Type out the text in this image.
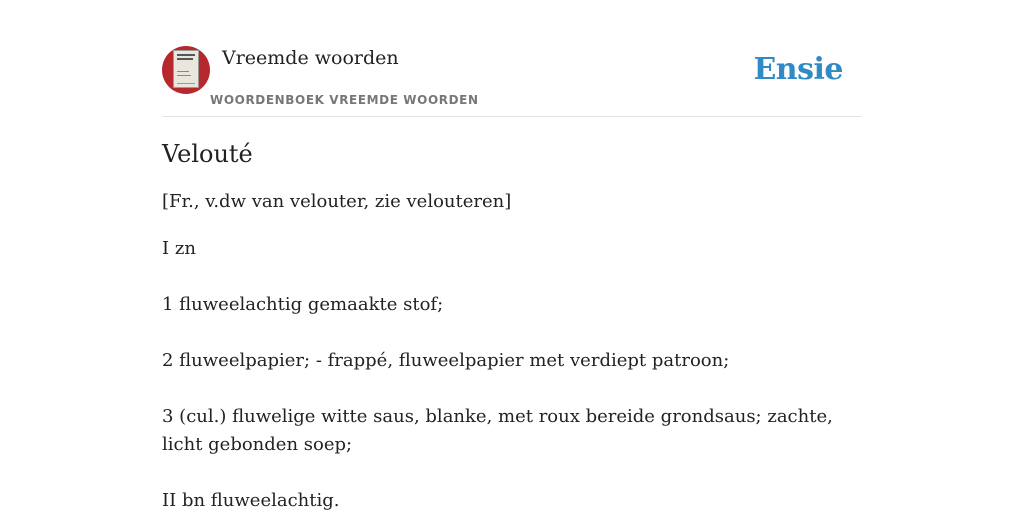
Vreemde woorden
WOORDENBOEK VREEMDE WOORDEN
Ensie
Velouté

[Fr., v.dw van velouter, zie velouteren]

I zn
1 fluweelachtig gemaakte stof;
2 fluweelpapier; - frappé, fluweelpapier met verdiept patroon;
3 (cul.) fluwelige witte saus, blanke, met roux bereide grondsaus; zachte, licht gebonden soep;
II bn fluweelachtig.
